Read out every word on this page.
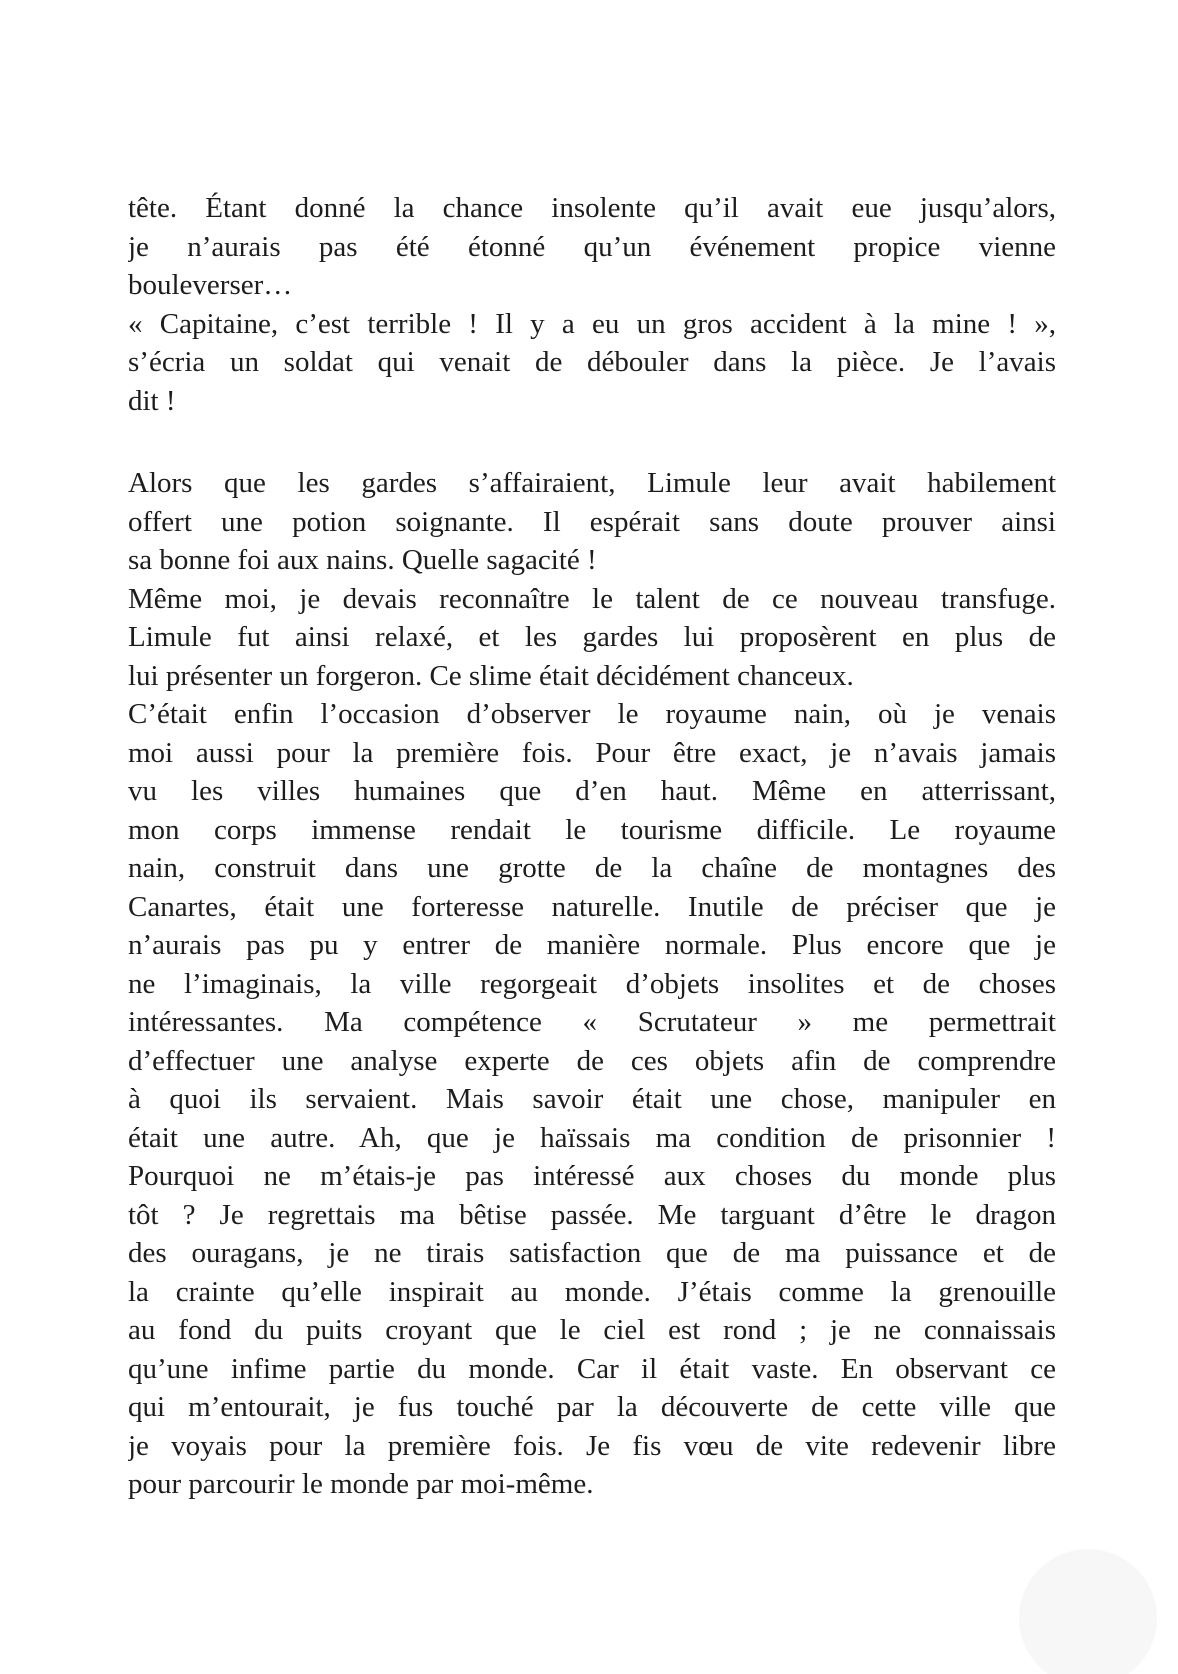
tête. Étant donné la chance insolente qu’il avait eue jusqu’alors,
je n’aurais pas été étonné qu’un événement propice vienne
bouleverser…
« Capitaine, c’est terrible ! Il y a eu un gros accident à la mine ! »,
s’écria un soldat qui venait de débouler dans la pièce. Je l’avais
dit !
Alors que les gardes s’affairaient, Limule leur avait habilement
offert une potion soignante. Il espérait sans doute prouver ainsi
sa bonne foi aux nains. Quelle sagacité !
Même moi, je devais reconnaître le talent de ce nouveau transfuge.
Limule fut ainsi relaxé, et les gardes lui proposèrent en plus de
lui présenter un forgeron. Ce slime était décidément chanceux.
C’était enfin l’occasion d’observer le royaume nain, où je venais
moi aussi pour la première fois. Pour être exact, je n’avais jamais
vu les villes humaines que d’en haut. Même en atterrissant,
mon corps immense rendait le tourisme difficile. Le royaume
nain, construit dans une grotte de la chaîne de montagnes des
Canartes, était une forteresse naturelle. Inutile de préciser que je
n’aurais pas pu y entrer de manière normale. Plus encore que je
ne l’imaginais, la ville regorgeait d’objets insolites et de choses
intéressantes. Ma compétence « Scrutateur » me permettrait
d’effectuer une analyse experte de ces objets afin de comprendre
à quoi ils servaient. Mais savoir était une chose, manipuler en
était une autre. Ah, que je haïssais ma condition de prisonnier !
Pourquoi ne m’étais-je pas intéressé aux choses du monde plus
tôt ? Je regrettais ma bêtise passée. Me targuant d’être le dragon
des ouragans, je ne tirais satisfaction que de ma puissance et de
la crainte qu’elle inspirait au monde. J’étais comme la grenouille
au fond du puits croyant que le ciel est rond ; je ne connaissais
qu’une infime partie du monde. Car il était vaste. En observant ce
qui m’entourait, je fus touché par la découverte de cette ville que
je voyais pour la première fois. Je fis vœu de vite redevenir libre
pour parcourir le monde par moi-même.
